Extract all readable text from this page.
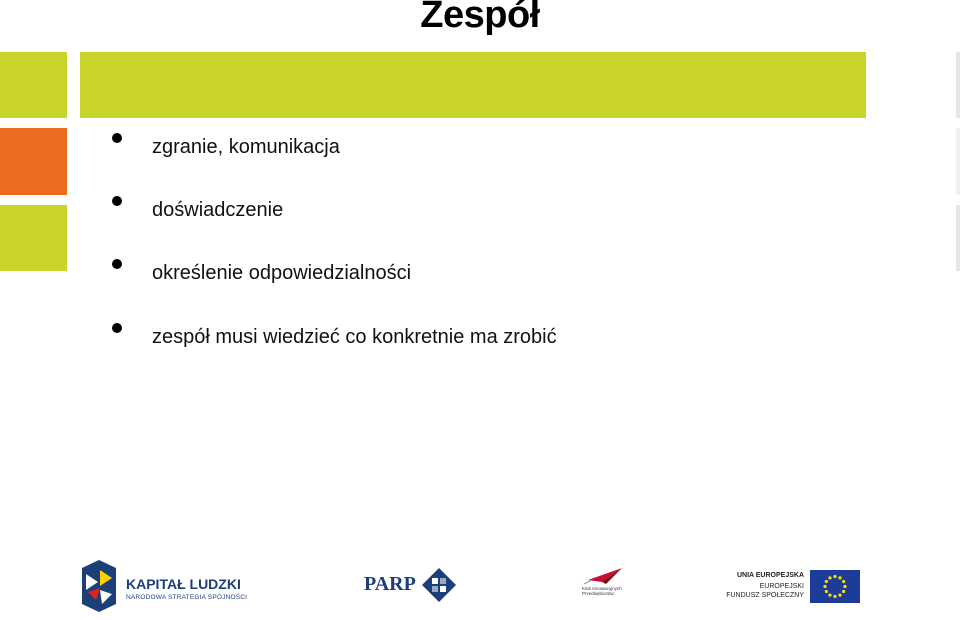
Zespół
zgranie, komunikacja
doświadczenie
określenie odpowiedzialności
zespół musi wiedzieć co konkretnie ma zrobić
KAPITAŁ LUDZKI
NARODOWA STRATEGIA SPÓJNOŚCI
PARP	Klub Innowacyjnych Przedsiębiorstw
UNIA EUROPEJSKA
EUROPEJSKI
FUNDUSZ SPOŁECZNY
